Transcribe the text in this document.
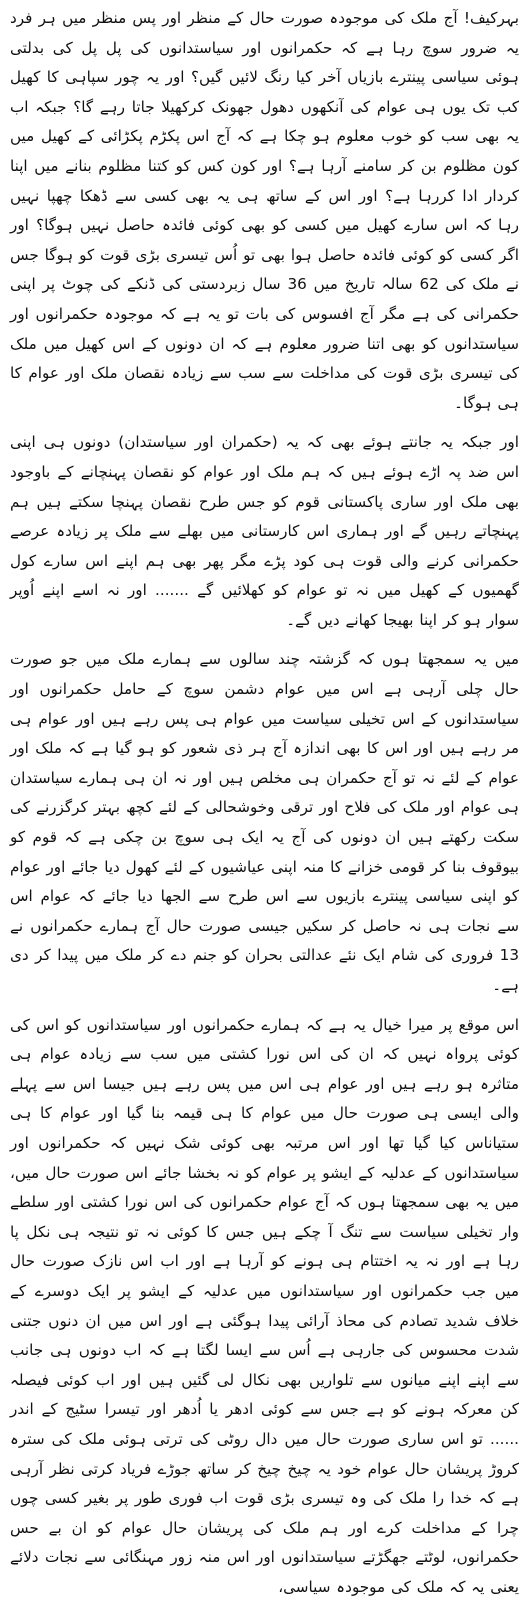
بہرکیف! آج ملک کی موجودہ صورت حال کے منظر اور پس منظر میں ہر فرد یہ ضرور سوچ رہا ہے کہ حکمرانوں اور سیاستدانوں کی پل پل کی بدلتی ہوئی سیاسی پینترے بازیاں آخر کیا رنگ لائیں گیں؟ اور یہ چور سپاہی کا کھیل کب تک یوں ہی عوام کی آنکھوں دھول جھونک کرکھیلا جاتا رہے گا؟ جبکہ اب یہ بھی سب کو خوب معلوم ہو چکا ہے کہ آج اس پکڑم پکڑائی کے کھیل میں کون مظلوم بن کر سامنے آرہا ہے؟ اور کون کس کو کتنا مظلوم بنانے میں اپنا کردار ادا کررہا ہے؟ اور اس کے ساتھ ہی یہ بھی کسی سے ڈھکا چھپا نہیں رہا کہ اس سارے کھیل میں کسی کو بھی کوئی فائدہ حاصل نہیں ہوگا؟ اور اگر کسی کو کوئی فائدہ حاصل ہوا بھی تو اُس تیسری بڑی قوت کو ہوگا جس نے ملک کی 62 سالہ تاریخ میں 36 سال زبردستی کی ڈنکے کی چوٹ پر اپنی حکمرانی کی ہے مگر آج افسوس کی بات تو یہ ہے کہ موجودہ حکمرانوں اور سیاستدانوں کو بھی اتنا ضرور معلوم ہے کہ ان دونوں کے اس کھیل میں ملک کی تیسری بڑی قوت کی مداخلت سے سب سے زیادہ نقصان ملک اور عوام کا ہی ہوگا۔

اور جبکہ یہ جانتے ہوئے بھی کہ یہ (حکمران اور سیاستدان) دونوں ہی اپنی اس ضد پہ اڑے ہوئے ہیں کہ ہم ملک اور عوام کو نقصان پہنچانے کے باوجود بھی ملک اور ساری پاکستانی قوم کو جس طرح نقصان پہنچا سکتے ہیں ہم پہنچاتے رہیں گے اور ہماری اس کارستانی میں بھلے سے ملک پر زیادہ عرصے حکمرانی کرنے والی قوت ہی کود پڑے مگر پھر بھی ہم اپنے اس سارے کول گھمیوں کے کھیل میں نہ تو عوام کو کھلائیں گے ....... اور نہ اسے اپنے اُوپر سوار ہو کر اپنا بھیجا کھانے دیں گے۔

میں یہ سمجھتا ہوں کہ گزشتہ چند سالوں سے ہمارے ملک میں جو صورت حال چلی آرہی ہے اس میں عوام دشمن سوچ کے حامل حکمرانوں اور سیاستدانوں کے اس تخیلی سیاست میں عوام ہی پس رہے ہیں اور عوام ہی مر رہے ہیں اور اس کا بھی اندازہ آج ہر ذی شعور کو ہو گیا ہے کہ ملک اور عوام کے لئے نہ تو آج حکمران ہی مخلص ہیں اور نہ ان ہی ہمارے سیاستدان ہی عوام اور ملک کی فلاح اور ترقی وخوشحالی کے لئے کچھ بہتر کرگزرنے کی سکت رکھتے ہیں ان دونوں کی آج یہ ایک ہی سوچ بن چکی ہے کہ قوم کو بیوقوف بنا کر قومی خزانے کا منہ اپنی عیاشیوں کے لئے کھول دیا جائے اور عوام کو اپنی سیاسی پینترے بازیوں سے اس طرح سے الجھا دیا جائے کہ عوام اس سے نجات ہی نہ حاصل کر سکیں جیسی صورت حال آج ہمارے حکمرانوں نے 13 فروری کی شام ایک نئے عدالتی بحران کو جنم دے کر ملک میں پیدا کر دی ہے۔

اس موقع پر میرا خیال یہ ہے کہ ہمارے حکمرانوں اور سیاستدانوں کو اس کی کوئی پرواہ نہیں کہ ان کی اس نورا کشتی میں سب سے زیادہ عوام ہی متاثرہ ہو رہے ہیں اور عوام ہی اس میں پس رہے ہیں جیسا اس سے پہلے والی ایسی ہی صورت حال میں عوام کا ہی قیمہ بنا گیا اور عوام کا ہی ستیاناس کیا گیا تھا اور اس مرتبہ بھی کوئی شک نہیں کہ حکمرانوں اور سیاستدانوں کے عدلیہ کے ایشو پر عوام کو نہ بخشا جائے اس صورت حال میں، میں یہ بھی سمجھتا ہوں کہ آج عوام حکمرانوں کی اس نورا کشتی اور سلطے وار تخیلی سیاست سے تنگ آ چکے ہیں جس کا کوئی نہ تو نتیجہ ہی نکل پا رہا ہے اور نہ یہ اختتام ہی ہونے کو آرہا ہے اور اب اس نازک صورت حال میں جب حکمرانوں اور سیاستدانوں میں عدلیہ کے ایشو پر ایک دوسرے کے خلاف شدید تصادم کی محاذ آرائی پیدا ہوگئی ہے اور اس میں ان دنوں جتنی شدت محسوس کی جارہی ہے اُس سے ایسا لگتا ہے کہ اب دونوں ہی جانب سے اپنے اپنے میانوں سے تلواریں بھی نکال لی گئیں ہیں اور اب کوئی فیصلہ کن معرکہ ہونے کو ہے جس سے کوئی ادھر یا اُدھر اور تیسرا سٹیج کے اندر ...... تو اس ساری صورت حال میں دال روٹی کی ترتی ہوئی ملک کی سترہ کروڑ پریشان حال عوام خود یہ چیخ چیخ کر ساتھ جوڑے فریاد کرتی نظر آرہی ہے کہ خدا را ملک کی وہ تیسری بڑی قوت اب فوری طور پر بغیر کسی چوں چرا کے مداخلت کرے اور ہم ملک کی پریشان حال عوام کو ان بے حس حکمرانوں، لوٹتے جھگڑتے سیاستدانوں اور اس منہ زور مہنگائی سے نجات دلائے یعنی یہ کہ ملک کی موجودہ سیاسی،
